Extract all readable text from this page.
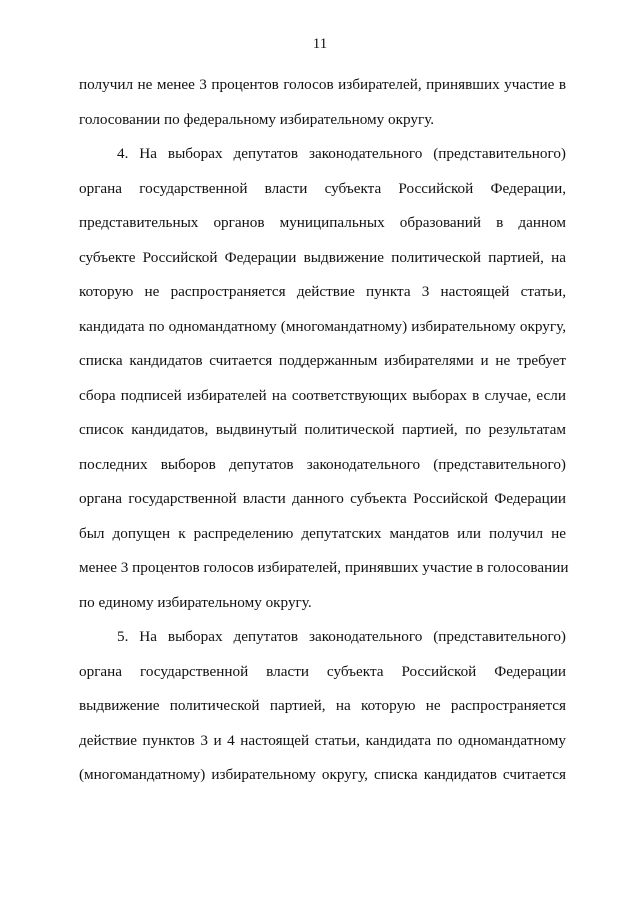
11
получил не менее 3 процентов голосов избирателей, принявших участие в
голосовании по федеральному избирательному округу.
4. На выборах депутатов законодательного (представительного)
органа государственной власти субъекта Российской Федерации,
представительных органов муниципальных образований в данном
субъекте Российской Федерации выдвижение политической партией, на
которую не распространяется действие пункта 3 настоящей статьи,
кандидата по одномандатному (многомандатному) избирательному округу,
списка кандидатов считается поддержанным избирателями и не требует
сбора подписей избирателей на соответствующих выборах в случае, если
список кандидатов, выдвинутый политической партией, по результатам
последних выборов депутатов законодательного (представительного)
органа государственной власти данного субъекта Российской Федерации
был допущен к распределению депутатских мандатов или получил не
менее 3 процентов голосов избирателей, принявших участие в голосовании
по единому избирательному округу.
5. На выборах депутатов законодательного (представительного)
органа государственной власти субъекта Российской Федерации
выдвижение политической партией, на которую не распространяется
действие пунктов 3 и 4 настоящей статьи, кандидата по одномандатному
(многомандатному) избирательному округу, списка кандидатов считается
